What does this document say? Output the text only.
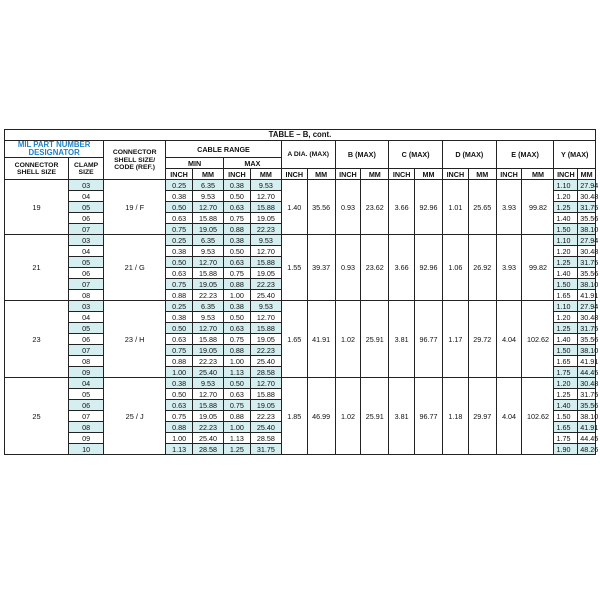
TABLE – B, cont.																		
MIL PART NUMBER DESIGNATOR		CONNECTOR SHELL SIZE/ CODE (REF.)	CABLE RANGE				A DIA. (MAX)		B (MAX)		C (MAX)		D (MAX)		E (MAX)		Y (MAX)	
CONNECTOR SHELL SIZE	CLAMP SIZE		MIN		MAX													
			INCH	MM	INCH	MM	INCH	MM	INCH	MM	INCH	MM	INCH	MM	INCH	MM	INCH	MM
19	03	19 / F	0.25	6.35	0.38	9.53	1.40	35.56	0.93	23.62	3.66	92.96	1.01	25.65	3.93	99.82	1.10	27.94
	04		0.38	9.53	0.50	12.70											1.20	30.48
	05		0.50	12.70	0.63	15.88											1.25	31.75
	06		0.63	15.88	0.75	19.05											1.40	35.56
	07		0.75	19.05	0.88	22.23											1.50	38.10
21	03	21 / G	0.25	6.35	0.38	9.53	1.55	39.37	0.93	23.62	3.66	92.96	1.06	26.92	3.93	99.82	1.10	27.94
	04		0.38	9.53	0.50	12.70											1.20	30.48
	05		0.50	12.70	0.63	15.88											1.25	31.75
	06		0.63	15.88	0.75	19.05											1.40	35.56
	07		0.75	19.05	0.88	22.23											1.50	38.10
	08		0.88	22.23	1.00	25.40											1.65	41.91
23	03	23 / H	0.25	6.35	0.38	9.53	1.65	41.91	1.02	25.91	3.81	96.77	1.17	29.72	4.04	102.62	1.10	27.94
	04		0.38	9.53	0.50	12.70											1.20	30.48
	05		0.50	12.70	0.63	15.88											1.25	31.75
	06		0.63	15.88	0.75	19.05											1.40	35.56
	07		0.75	19.05	0.88	22.23											1.50	38.10
	08		0.88	22.23	1.00	25.40											1.65	41.91
	09		1.00	25.40	1.13	28.58											1.75	44.45
25	04	25 / J	0.38	9.53	0.50	12.70	1.85	46.99	1.02	25.91	3.81	96.77	1.18	29.97	4.04	102.62	1.20	30.48
	05		0.50	12.70	0.63	15.88											1.25	31.75
	06		0.63	15.88	0.75	19.05											1.40	35.56
	07		0.75	19.05	0.88	22.23											1.50	38.10
	08		0.88	22.23	1.00	25.40											1.65	41.91
	09		1.00	25.40	1.13	28.58											1.75	44.45
	10		1.13	28.58	1.25	31.75											1.90	48.26
